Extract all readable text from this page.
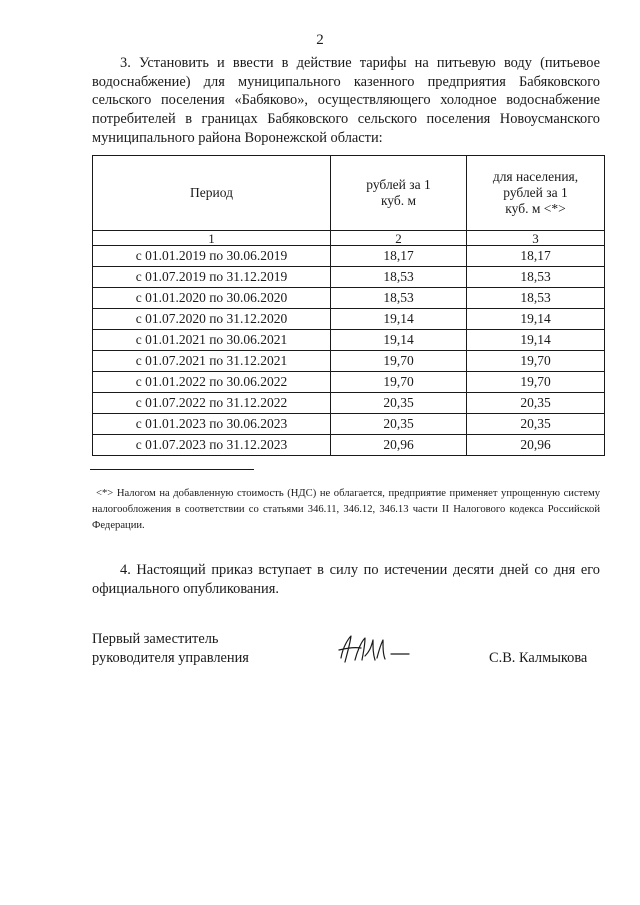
2
3. Установить и ввести в действие тарифы на питьевую воду (питьевое водоснабжение) для муниципального казенного предприятия Бабяковского сельского поселения «Бабяково», осуществляющего холодное водоснабжение потребителей в границах Бабяковского сельского поселения Новоусманского муниципального района Воронежской области:
Период	рублей за 1 куб. м	для населения, рублей за 1 куб. м <*>
1	2	3
с 01.01.2019 по 30.06.2019	18,17	18,17
с 01.07.2019 по 31.12.2019	18,53	18,53
с 01.01.2020 по 30.06.2020	18,53	18,53
с 01.07.2020 по 31.12.2020	19,14	19,14
с 01.01.2021 по 30.06.2021	19,14	19,14
с 01.07.2021 по 31.12.2021	19,70	19,70
с 01.01.2022 по 30.06.2022	19,70	19,70
с 01.07.2022 по 31.12.2022	20,35	20,35
с 01.01.2023 по 30.06.2023	20,35	20,35
с 01.07.2023 по 31.12.2023	20,96	20,96
<*> Налогом на добавленную стоимость (НДС) не облагается, предприятие применяет упрощенную систему налогообложения в соответствии со статьями 346.11, 346.12, 346.13 части II Налогового кодекса Российской Федерации.
4. Настоящий приказ вступает в силу по истечении десяти дней со дня его официального опубликования.
Первый заместитель
руководителя управления	С.В. Калмыкова
